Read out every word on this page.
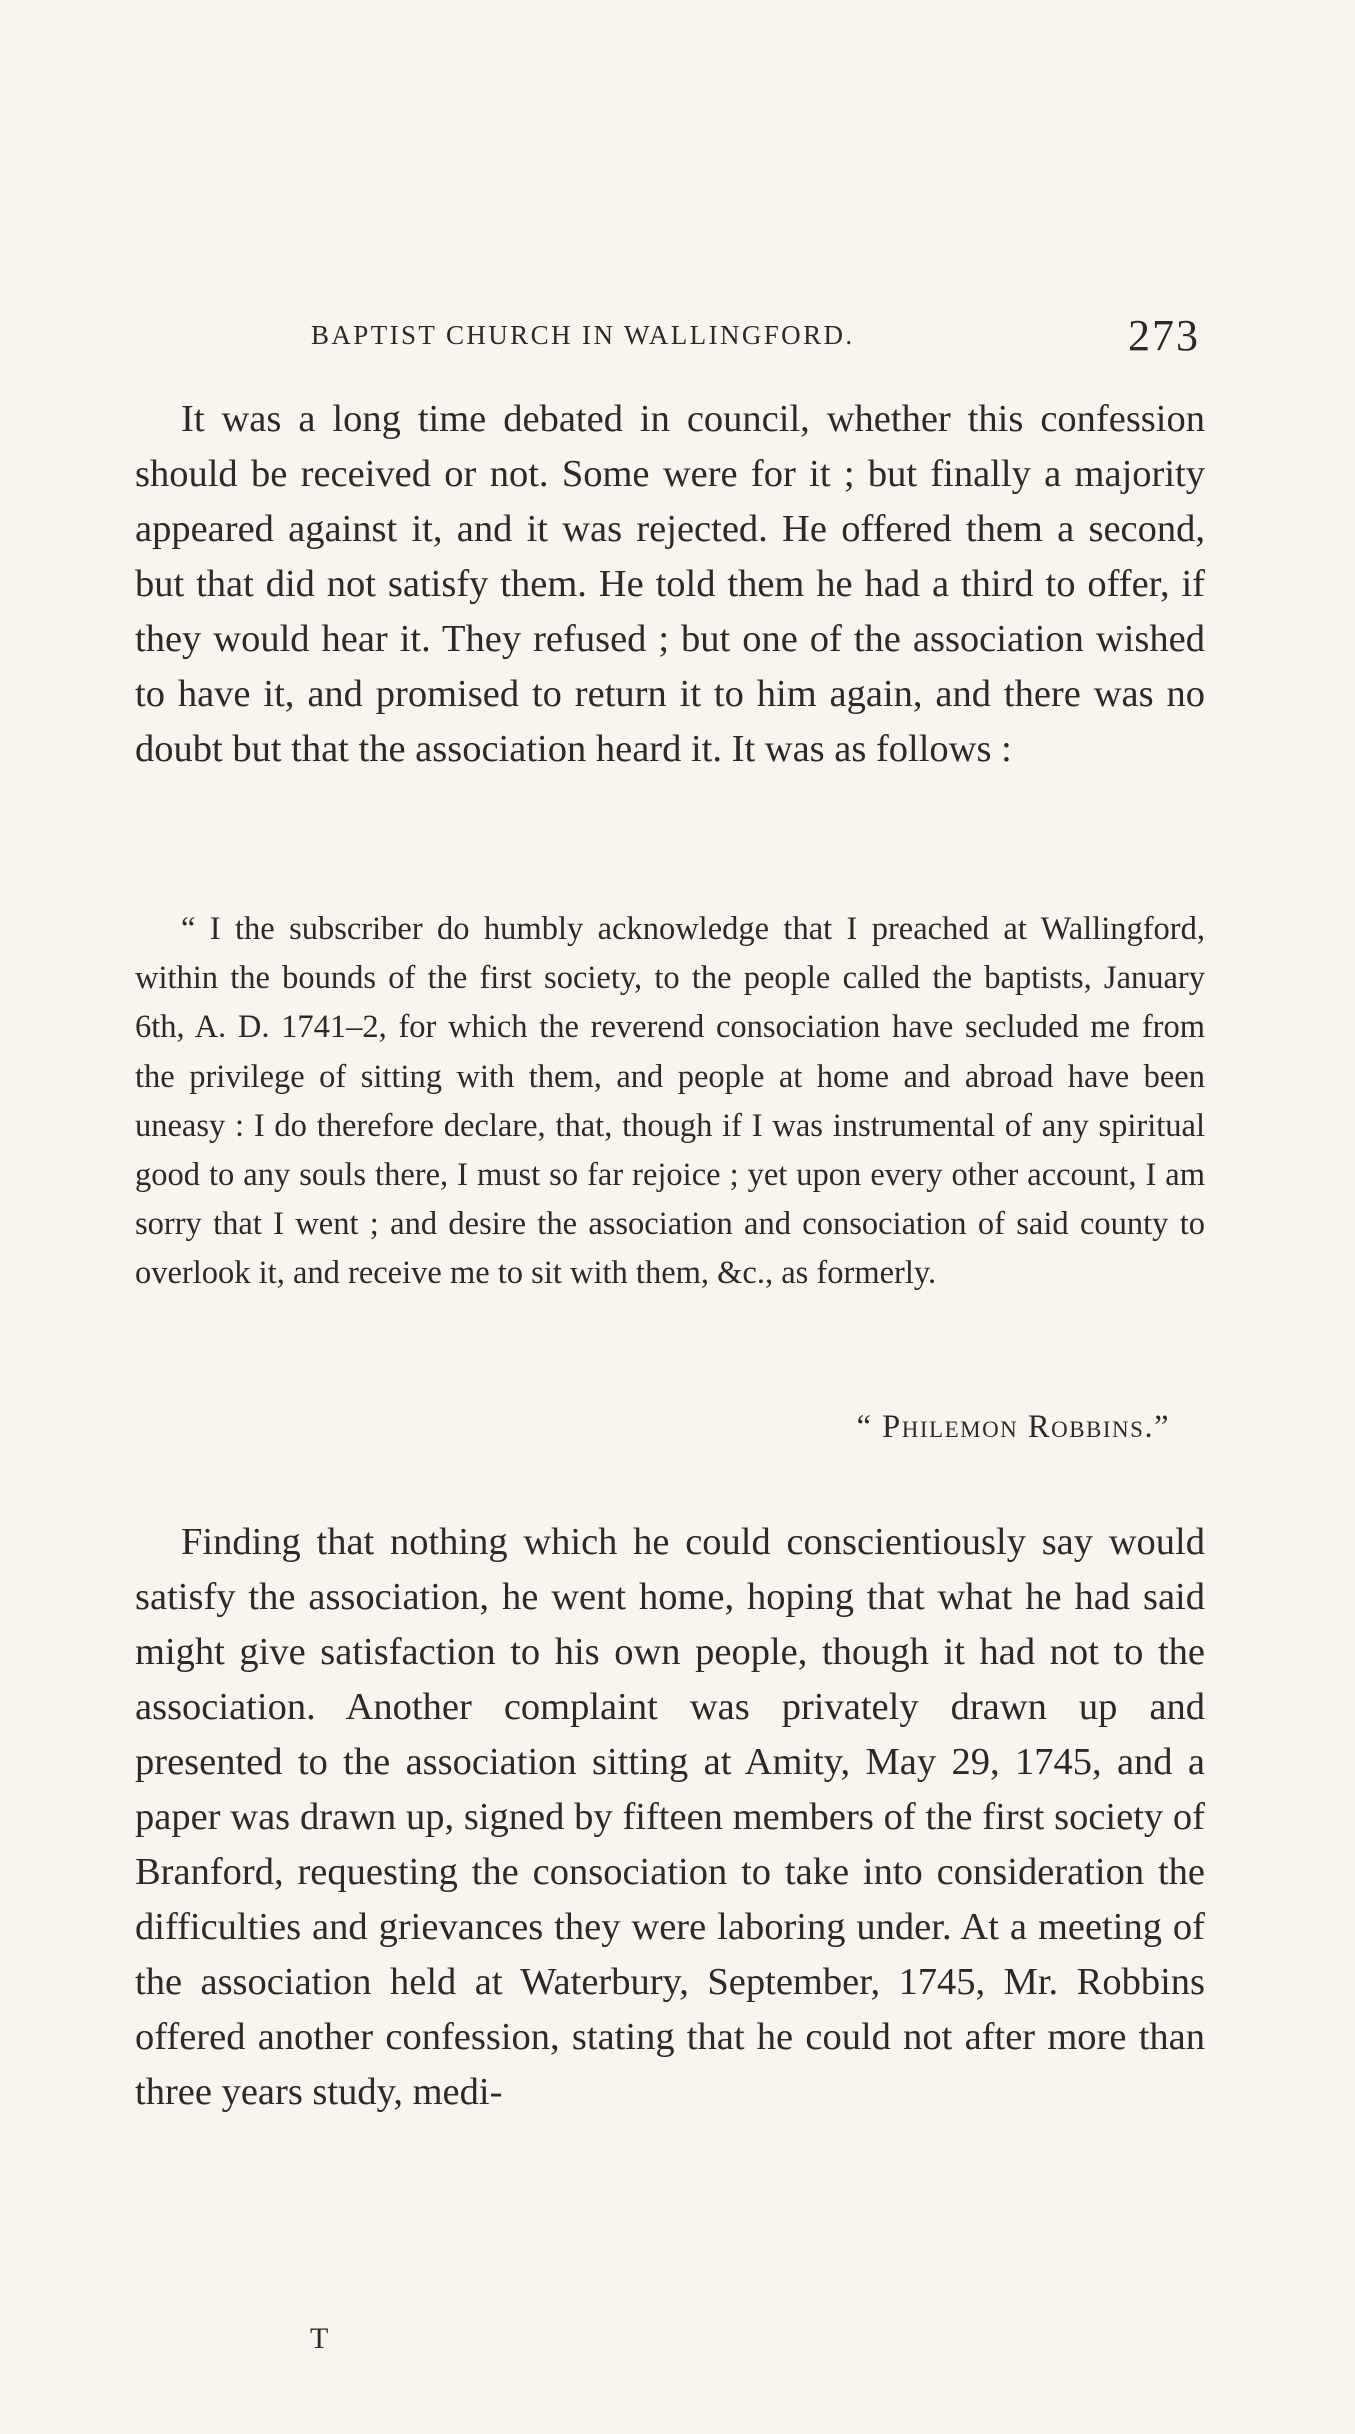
BAPTIST CHURCH IN WALLINGFORD.	273

It was a long time debated in council, whether this confession should be received or not. Some were for it ; but finally a majority appeared against it, and it was rejected. He offered them a second, but that did not satisfy them. He told them he had a third to offer, if they would hear it. They refused ; but one of the association wished to have it, and promised to return it to him again, and there was no doubt but that the association heard it. It was as follows :

“ I the subscriber do humbly acknowledge that I preached at Wallingford, within the bounds of the first society, to the people called the baptists, January 6th, A. D. 1741–2, for which the reverend consociation have secluded me from the privilege of sitting with them, and people at home and abroad have been uneasy : I do therefore declare, that, though if I was instrumental of any spiritual good to any souls there, I must so far rejoice ; yet upon every other account, I am sorry that I went ; and desire the association and consociation of said county to overlook it, and receive me to sit with them, &c., as formerly.

“ Philemon Robbins.”

Finding that nothing which he could conscientiously say would satisfy the association, he went home, hoping that what he had said might give satisfaction to his own people, though it had not to the association. Another complaint was privately drawn up and presented to the association sitting at Amity, May 29, 1745, and a paper was drawn up, signed by fifteen members of the first society of Branford, requesting the consociation to take into consideration the difficulties and grievances they were laboring under. At a meeting of the association held at Waterbury, September, 1745, Mr. Robbins offered another confession, stating that he could not after more than three years study, medi-

T
